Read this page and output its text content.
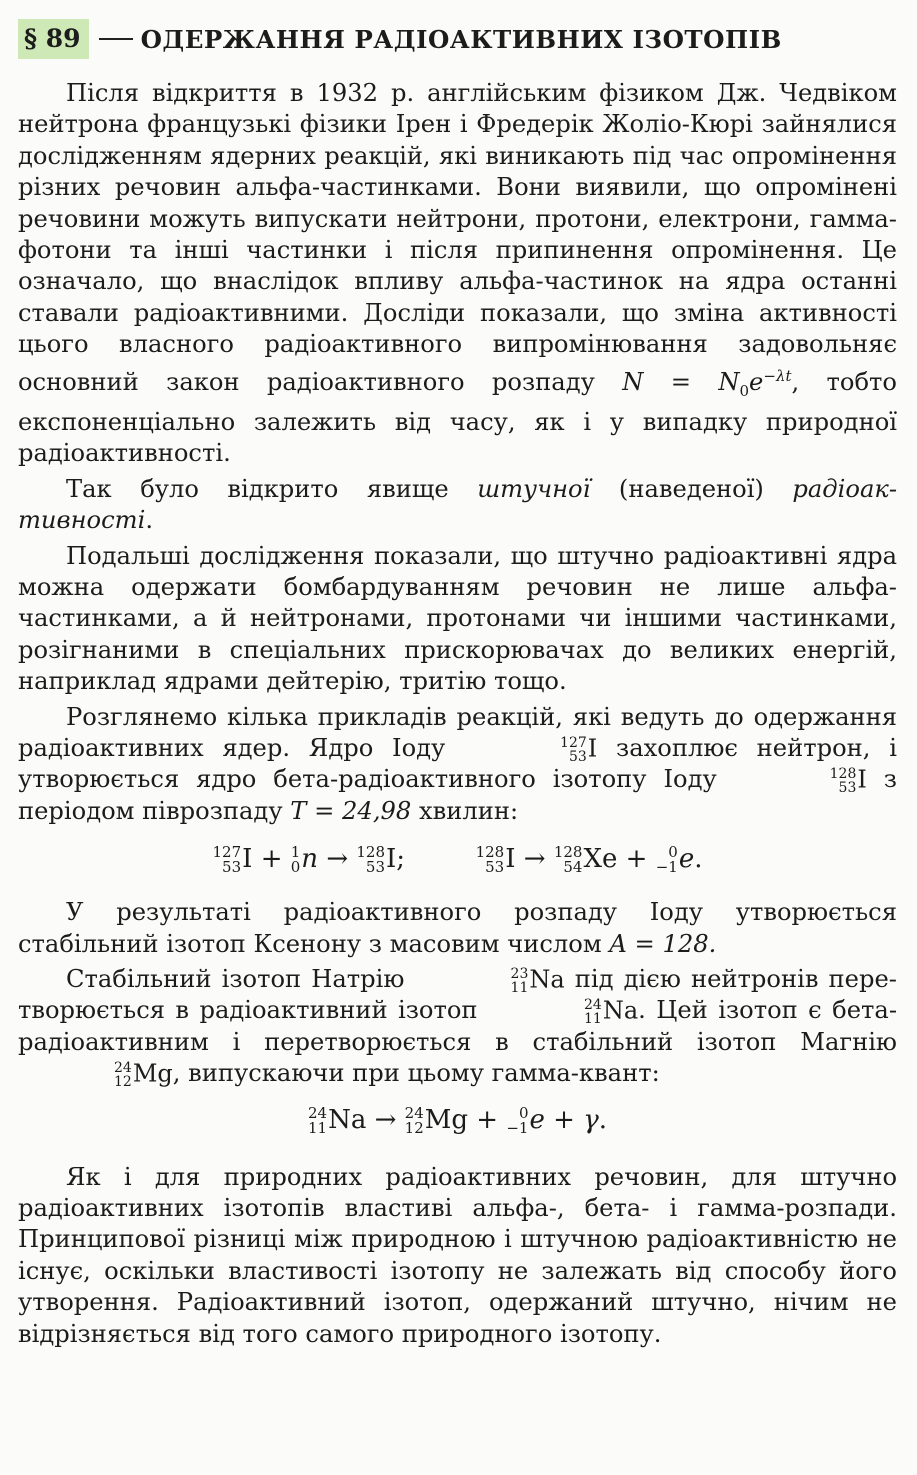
§ 89	ОДЕРЖАННЯ РАДІОАКТИВНИХ ІЗОТОПІВ

Після відкриття в 1932 р. англійським фізиком Дж. Чедвіком нейтрона французькі фізики Ірен і Фредерік Жоліо-Кюрі зайнялися дослідженням ядерних реакцій, які виникають під час опромінення різних речовин альфа-частинками. Вони виявили, що опромінені речовини можуть випускати нейтрони, протони, електрони, гамма-фотони та інші частинки і після припинення опромінення. Це означало, що внаслідок впливу альфа-частинок на ядра останні ставали радіоактивними. Досліди показали, що зміна активності цього власного радіоактивного випромінювання задовольняє основний закон радіоактивного розпаду $N = N_0e^{-\lambda t}$, тобто експоненціально залежить від часу, як і у випадку природної радіоактивності.

Так було відкрито явище штучної (наведеної) радіоактивності.

Подальші дослідження показали, що штучно радіоактивні ядра можна одержати бомбардуванням речовин не лише альфа-частинками, а й нейтронами, протонами чи іншими частинками, розігнаними в спеціальних прискорювачах до великих енергій, наприклад ядрами дейтерію, тритію тощо.

Розглянемо кілька прикладів реакцій, які ведуть до одержання радіоактивних ядер. Ядро Іоду	127
53 I захоплює нейтрон, і утворюється ядро бета-радіоактивного ізотопу Іоду	128
53 I з періодом піврозпаду T = 24,98 хвилин:

127
53 I + 1
0 n → 128
53 I;	128
53 I → 128
54 Xe + 0
−1 e.

У результаті радіоактивного розпаду Іоду утворюється стабільний ізотоп Ксенону з масовим числом A = 128.

Стабільний ізотоп Натрію	23
11 Na під дією нейтронів перетворюється в радіоактивний ізотоп	24
11 Na. Цей ізотоп є бета-радіоактивним і перетворюється в стабільний ізотоп Магнію
24
12 Mg, випускаючи при цьому гамма-квант:

24
11 Na → 24
12 Mg + 0
−1 e + γ.

Як і для природних радіоактивних речовин, для штучно радіоактивних ізотопів властиві альфа-, бета- і гамма-розпади. Принципової різниці між природною і штучною радіоактивністю не існує, оскільки властивості ізотопу не залежать від способу його утворення. Радіоактивний ізотоп, одержаний штучно, нічим не відрізняється від того самого природного ізотопу.
